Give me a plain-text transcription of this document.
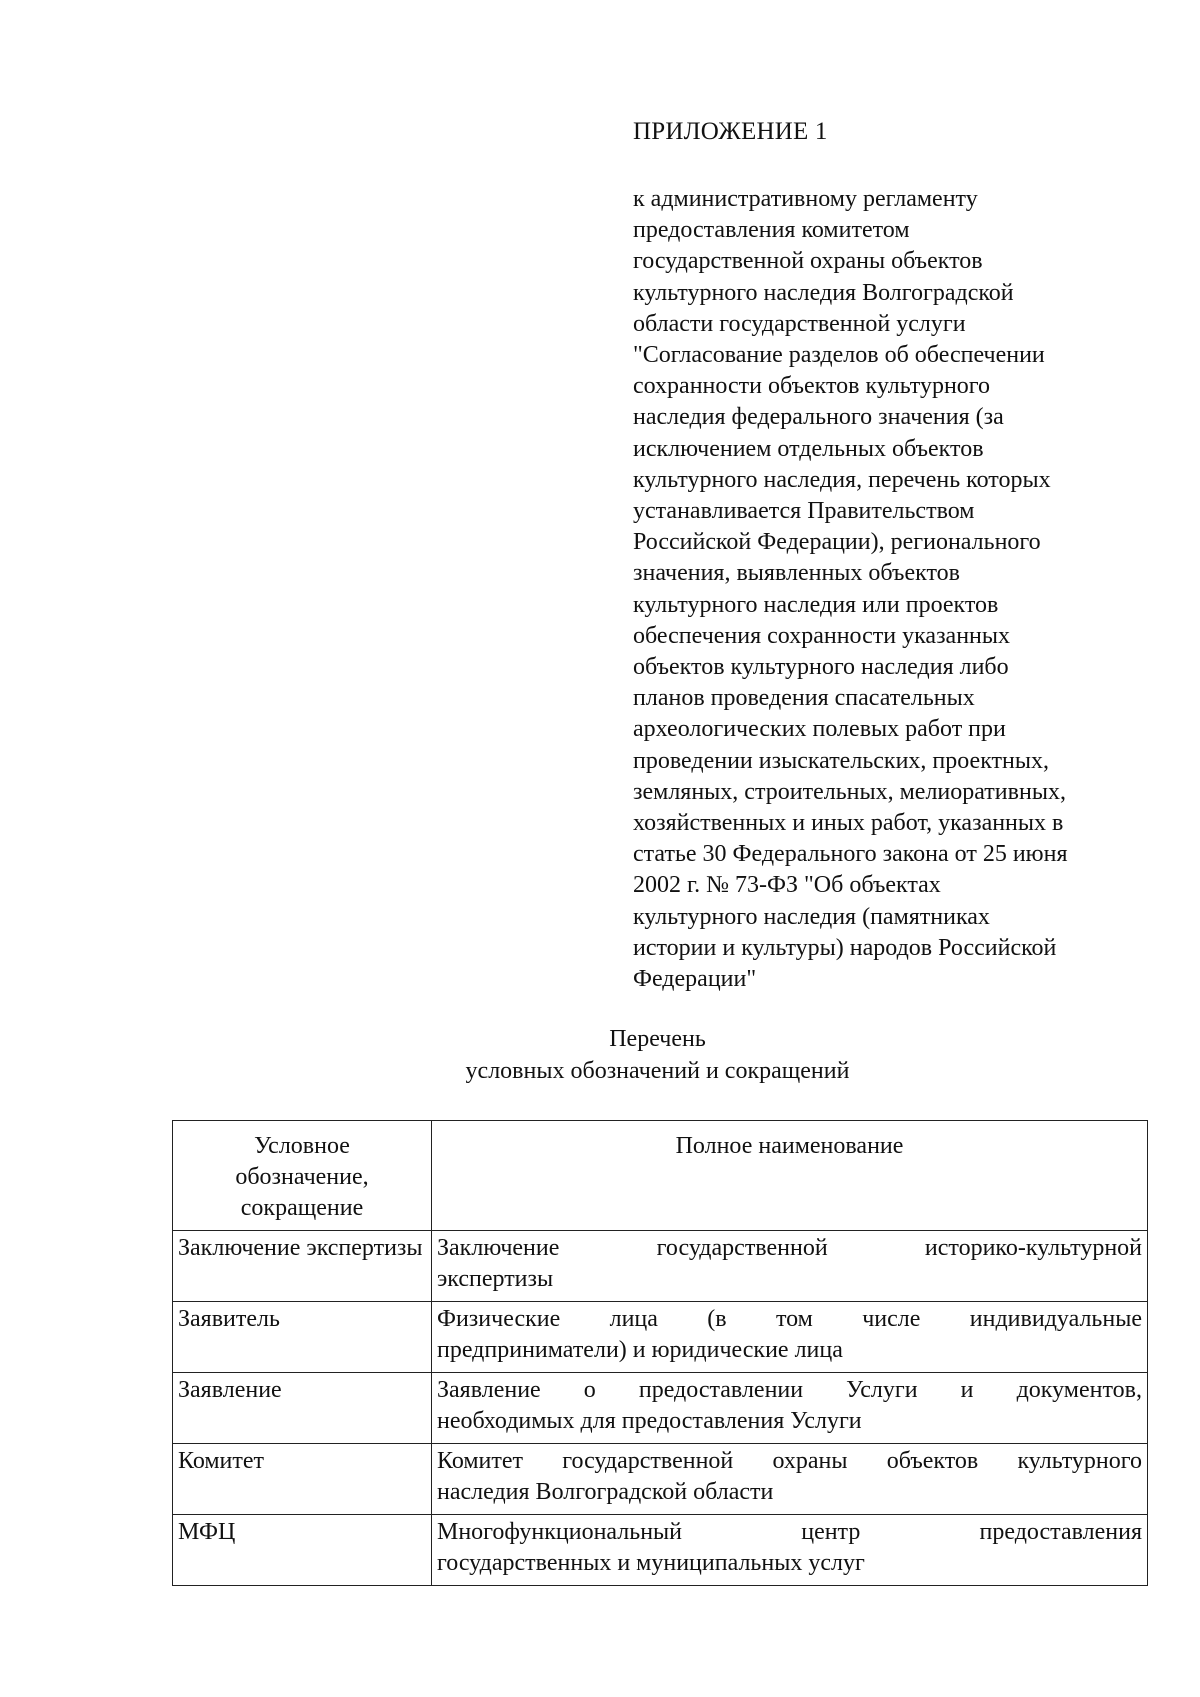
ПРИЛОЖЕНИЕ 1
к административному регламенту
предоставления комитетом
государственной охраны объектов
культурного наследия Волгоградской
области государственной услуги
"Согласование разделов об обеспечении
сохранности объектов культурного
наследия федерального значения (за
исключением отдельных объектов
культурного наследия, перечень которых
устанавливается Правительством
Российской Федерации), регионального
значения, выявленных объектов
культурного наследия или проектов
обеспечения сохранности указанных
объектов культурного наследия либо
планов проведения спасательных
археологических полевых работ при
проведении изыскательских, проектных,
земляных, строительных, мелиоративных,
хозяйственных и иных работ, указанных в
статье 30 Федерального закона от 25 июня
2002 г. № 73-ФЗ "Об объектах
культурного наследия (памятниках
истории и культуры) народов Российской
Федерации"
Перечень
условных обозначений и сокращений
Условное
обозначение,
сокращение	Полное наименование
Заключение экспертизы	Заключение государственной историко-культурной
экспертизы

Заявитель	Физические лица (в том числе индивидуальные
предприниматели) и юридические лица

Заявление	Заявление о предоставлении Услуги и документов,
необходимых для предоставления Услуги

Комитет	Комитет государственной охраны объектов культурного
наследия Волгоградской области

МФЦ	Многофункциональный центр предоставления
государственных и муниципальных услуг
